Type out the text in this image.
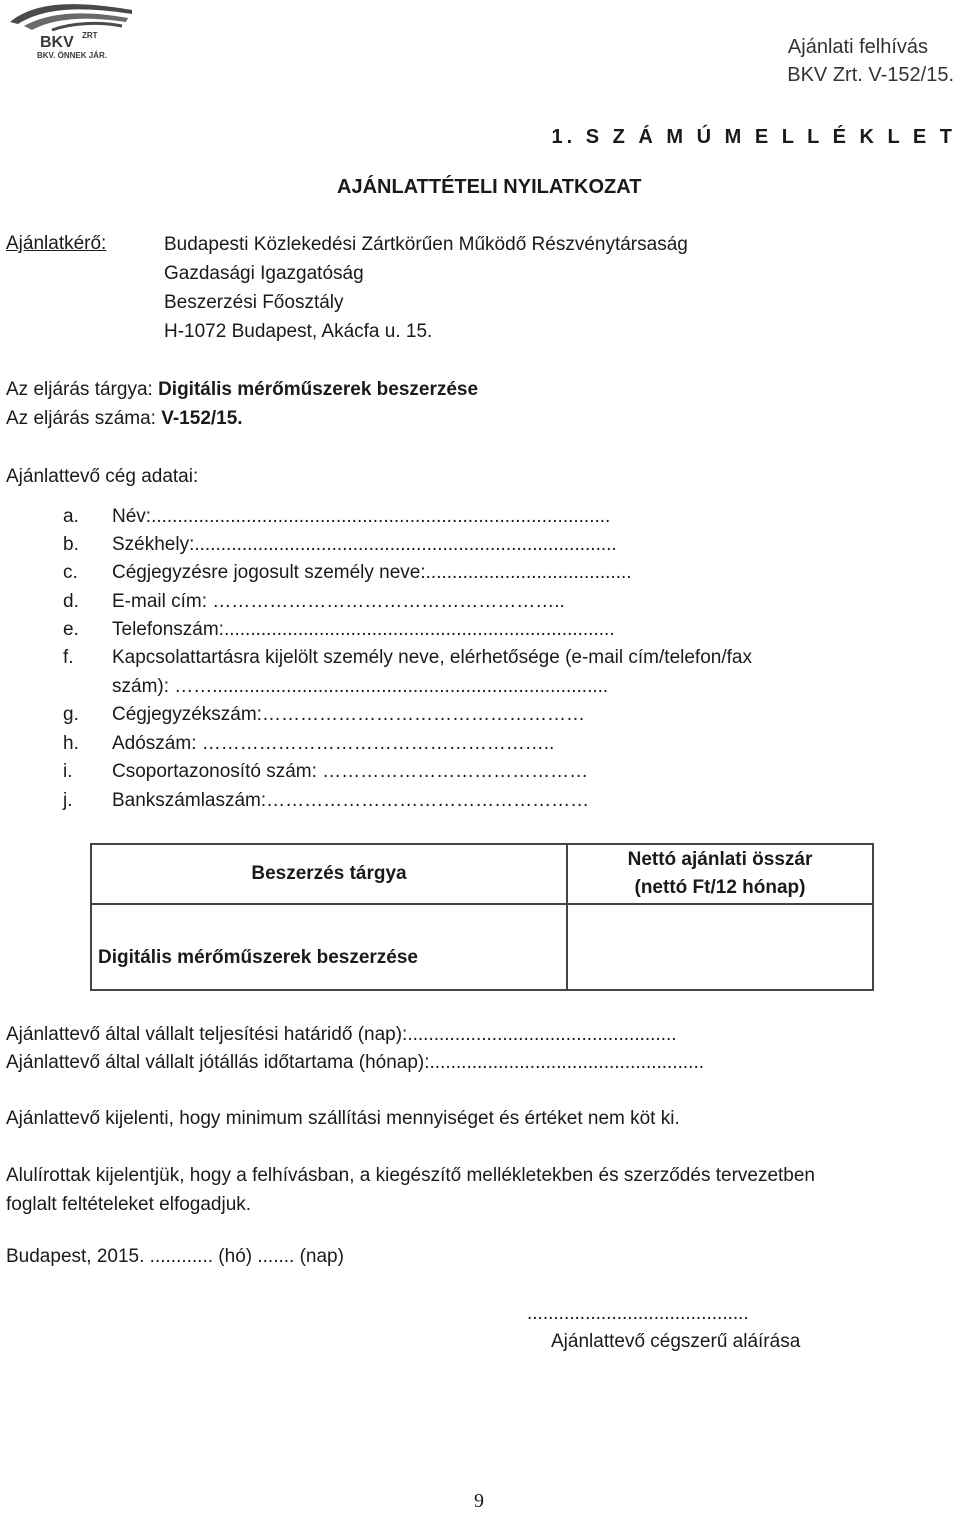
BKV ZRT
BKV. ÖNNEK JÁR.	Ajánlati felhívás
BKV Zrt. V-152/15.
1. S Z Á M Ú M E L L É K L E T
AJÁNLATTÉTELI NYILATKOZAT
Ajánlatkérő:	Budapesti Közlekedési Zártkörűen Működő Részvénytársaság
Gazdasági Igazgatóság
Beszerzési Főosztály
H-1072 Budapest, Akácfa u. 15.
Az eljárás tárgya: Digitális mérőműszerek beszerzése
Az eljárás száma: V-152/15.
Ajánlattevő cég adatai:
a. Név:.......................................................................................
b. Székhely:................................................................................
c. Cégjegyzésre jogosult személy neve:.......................................
d. E-mail cím: ………………………………………………..
e. Telefonszám:..........................................................................
f. Kapcsolattartásra kijelölt személy neve, elérhetősége (e-mail cím/telefon/fax
szám): ……...........................................................................
g. Cégjegyzékszám:……………………………………………
h. Adószám: ………………………………………………..
i. Csoportazonosító szám: ……………………………………
j. Bankszámlaszám:……………………………………………
Beszerzés tárgya	Nettó ajánlati összár
(nettó Ft/12 hónap)

Digitális mérőműszerek beszerzése	
Ajánlattevő által vállalt teljesítési határidő (nap):...................................................
Ajánlattevő által vállalt jótállás időtartama (hónap):....................................................
Ajánlattevő kijelenti, hogy minimum szállítási mennyiséget és értéket nem köt ki.
Alulírottak kijelentjük, hogy a felhívásban, a kiegészítő mellékletekben és szerződés tervezetben
foglalt feltételeket elfogadjuk.
Budapest, 2015. ............ (hó) ....... (nap)
..........................................
Ajánlattevő cégszerű aláírása
9
